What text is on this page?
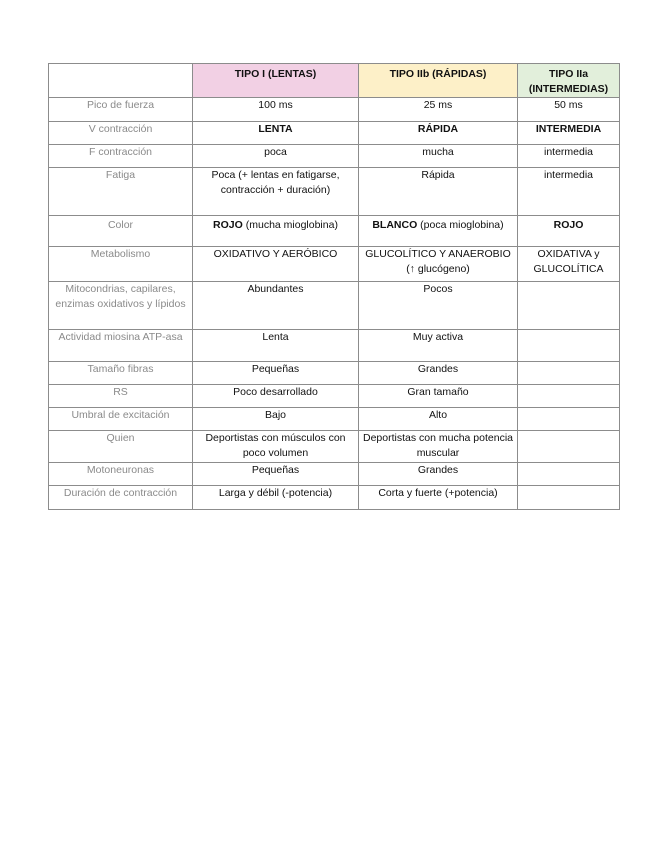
	TIPO I (LENTAS)	TIPO IIb (RÁPIDAS)	TIPO IIa (INTERMEDIAS)
Pico de fuerza	100 ms	25 ms	50 ms
V contracción	LENTA	RÁPIDA	INTERMEDIA
F contracción	poca	mucha	intermedia
Fatiga	Poca (+ lentas en fatigarse, contracción + duración)	Rápida	intermedia
Color	ROJO (mucha mioglobina)	BLANCO (poca mioglobina)	ROJO
Metabolismo	OXIDATIVO Y AERÓBICO	GLUCOLÍTICO Y ANAEROBIO (↑ glucógeno)	OXIDATIVA y GLUCOLÍTICA
Mitocondrias, capilares, enzimas oxidativos y lípidos	Abundantes	Pocos	
Actividad miosina ATP-asa	Lenta	Muy activa	
Tamaño fibras	Pequeñas	Grandes	
RS	Poco desarrollado	Gran tamaño	
Umbral de excitación	Bajo	Alto	
Quien	Deportistas con músculos con poco volumen	Deportistas con mucha potencia muscular	
Motoneuronas	Pequeñas	Grandes	
Duración de contracción	Larga y débil (-potencia)	Corta y fuerte (+potencia)	
